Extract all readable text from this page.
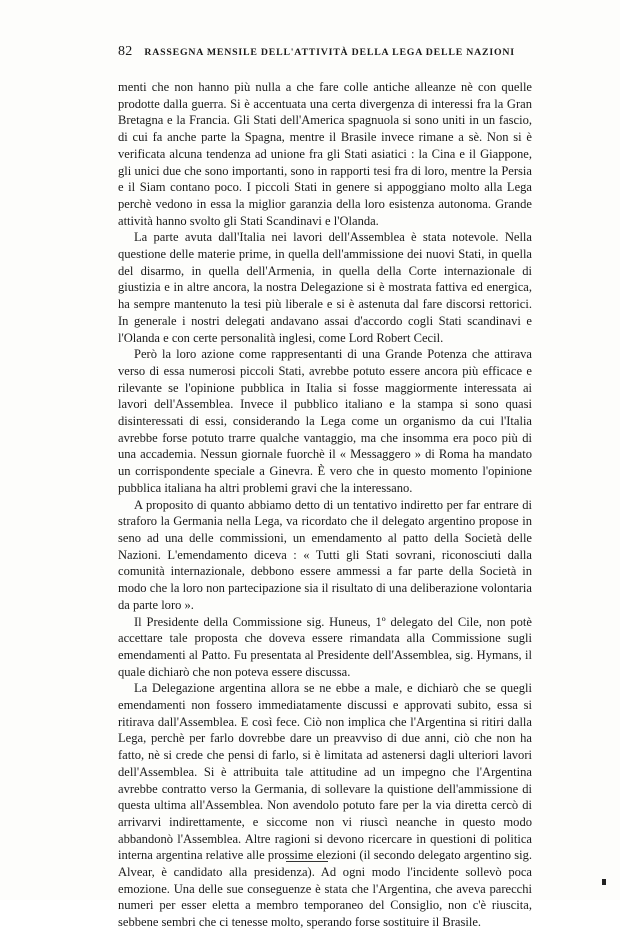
82 RASSEGNA MENSILE DELL'ATTIVITÀ DELLA LEGA DELLE NAZIONI

menti che non hanno più nulla a che fare colle antiche alleanze nè con quelle prodotte dalla guerra. Si è accentuata una certa divergenza di interessi fra la Gran Bretagna e la Francia. Gli Stati dell'America spagnuola si sono uniti in un fascio, di cui fa anche parte la Spagna, mentre il Brasile invece rimane a sè. Non si è verificata alcuna tendenza ad unione fra gli Stati asiatici : la Cina e il Giappone, gli unici due che sono importanti, sono in rapporti tesi fra di loro, mentre la Persia e il Siam contano poco. I piccoli Stati in genere si appoggiano molto alla Lega perchè vedono in essa la miglior garanzia della loro esistenza autonoma. Grande attività hanno svolto gli Stati Scandinavi e l'Olanda.

La parte avuta dall'Italia nei lavori dell'Assemblea è stata notevole. Nella questione delle materie prime, in quella dell'ammissione dei nuovi Stati, in quella del disarmo, in quella dell'Armenia, in quella della Corte internazionale di giustizia e in altre ancora, la nostra Delegazione si è mostrata fattiva ed energica, ha sempre mantenuto la tesi più liberale e si è astenuta dal fare discorsi rettorici. In generale i nostri delegati andavano assai d'accordo cogli Stati scandinavi e l'Olanda e con certe personalità inglesi, come Lord Robert Cecil.

Però la loro azione come rappresentanti di una Grande Potenza che attirava verso di essa numerosi piccoli Stati, avrebbe potuto essere ancora più efficace e rilevante se l'opinione pubblica in Italia si fosse maggiormente interessata ai lavori dell'Assemblea. Invece il pubblico italiano e la stampa si sono quasi disinteressati di essi, considerando la Lega come un organismo da cui l'Italia avrebbe forse potuto trarre qualche vantaggio, ma che insomma era poco più di una accademia. Nessun giornale fuorchè il « Messaggero » di Roma ha mandato un corrispondente speciale a Ginevra. È vero che in questo momento l'opinione pubblica italiana ha altri problemi gravi che la interessano.

A proposito di quanto abbiamo detto di un tentativo indiretto per far entrare di straforo la Germania nella Lega, va ricordato che il delegato argentino propose in seno ad una delle commissioni, un emendamento al patto della Società delle Nazioni. L'emendamento diceva : « Tutti gli Stati sovrani, riconosciuti dalla comunità internazionale, debbono essere ammessi a far parte della Società in modo che la loro non partecipazione sia il risultato di una deliberazione volontaria da parte loro ».

Il Presidente della Commissione sig. Huneus, 1º delegato del Cile, non potè accettare tale proposta che doveva essere rimandata alla Commissione sugli emendamenti al Patto. Fu presentata al Presidente dell'Assemblea, sig. Hymans, il quale dichiarò che non poteva essere discussa.

La Delegazione argentina allora se ne ebbe a male, e dichiarò che se quegli emendamenti non fossero immediatamente discussi e approvati subito, essa si ritirava dall'Assemblea. E così fece. Ciò non implica che l'Argentina si ritiri dalla Lega, perchè per farlo dovrebbe dare un preavviso di due anni, ciò che non ha fatto, nè si crede che pensi di farlo, si è limitata ad astenersi dagli ulteriori lavori dell'Assemblea. Si è attribuita tale attitudine ad un impegno che l'Argentina avrebbe contratto verso la Germania, di sollevare la quistione dell'ammissione di questa ultima all'Assemblea. Non avendolo potuto fare per la via diretta cercò di arrivarvi indirettamente, e siccome non vi riuscì neanche in questo modo abbandonò l'Assemblea. Altre ragioni si devono ricercare in questioni di politica interna argentina relative alle prossime elezioni (il secondo delegato argentino sig. Alvear, è candidato alla presidenza). Ad ogni modo l'incidente sollevò poca emozione. Una delle sue conseguenze è stata che l'Argentina, che aveva parecchi numeri per esser eletta a membro temporaneo del Consiglio, non c'è riuscita, sebbene sembri che ci tenesse molto, sperando forse sostituire il Brasile.
